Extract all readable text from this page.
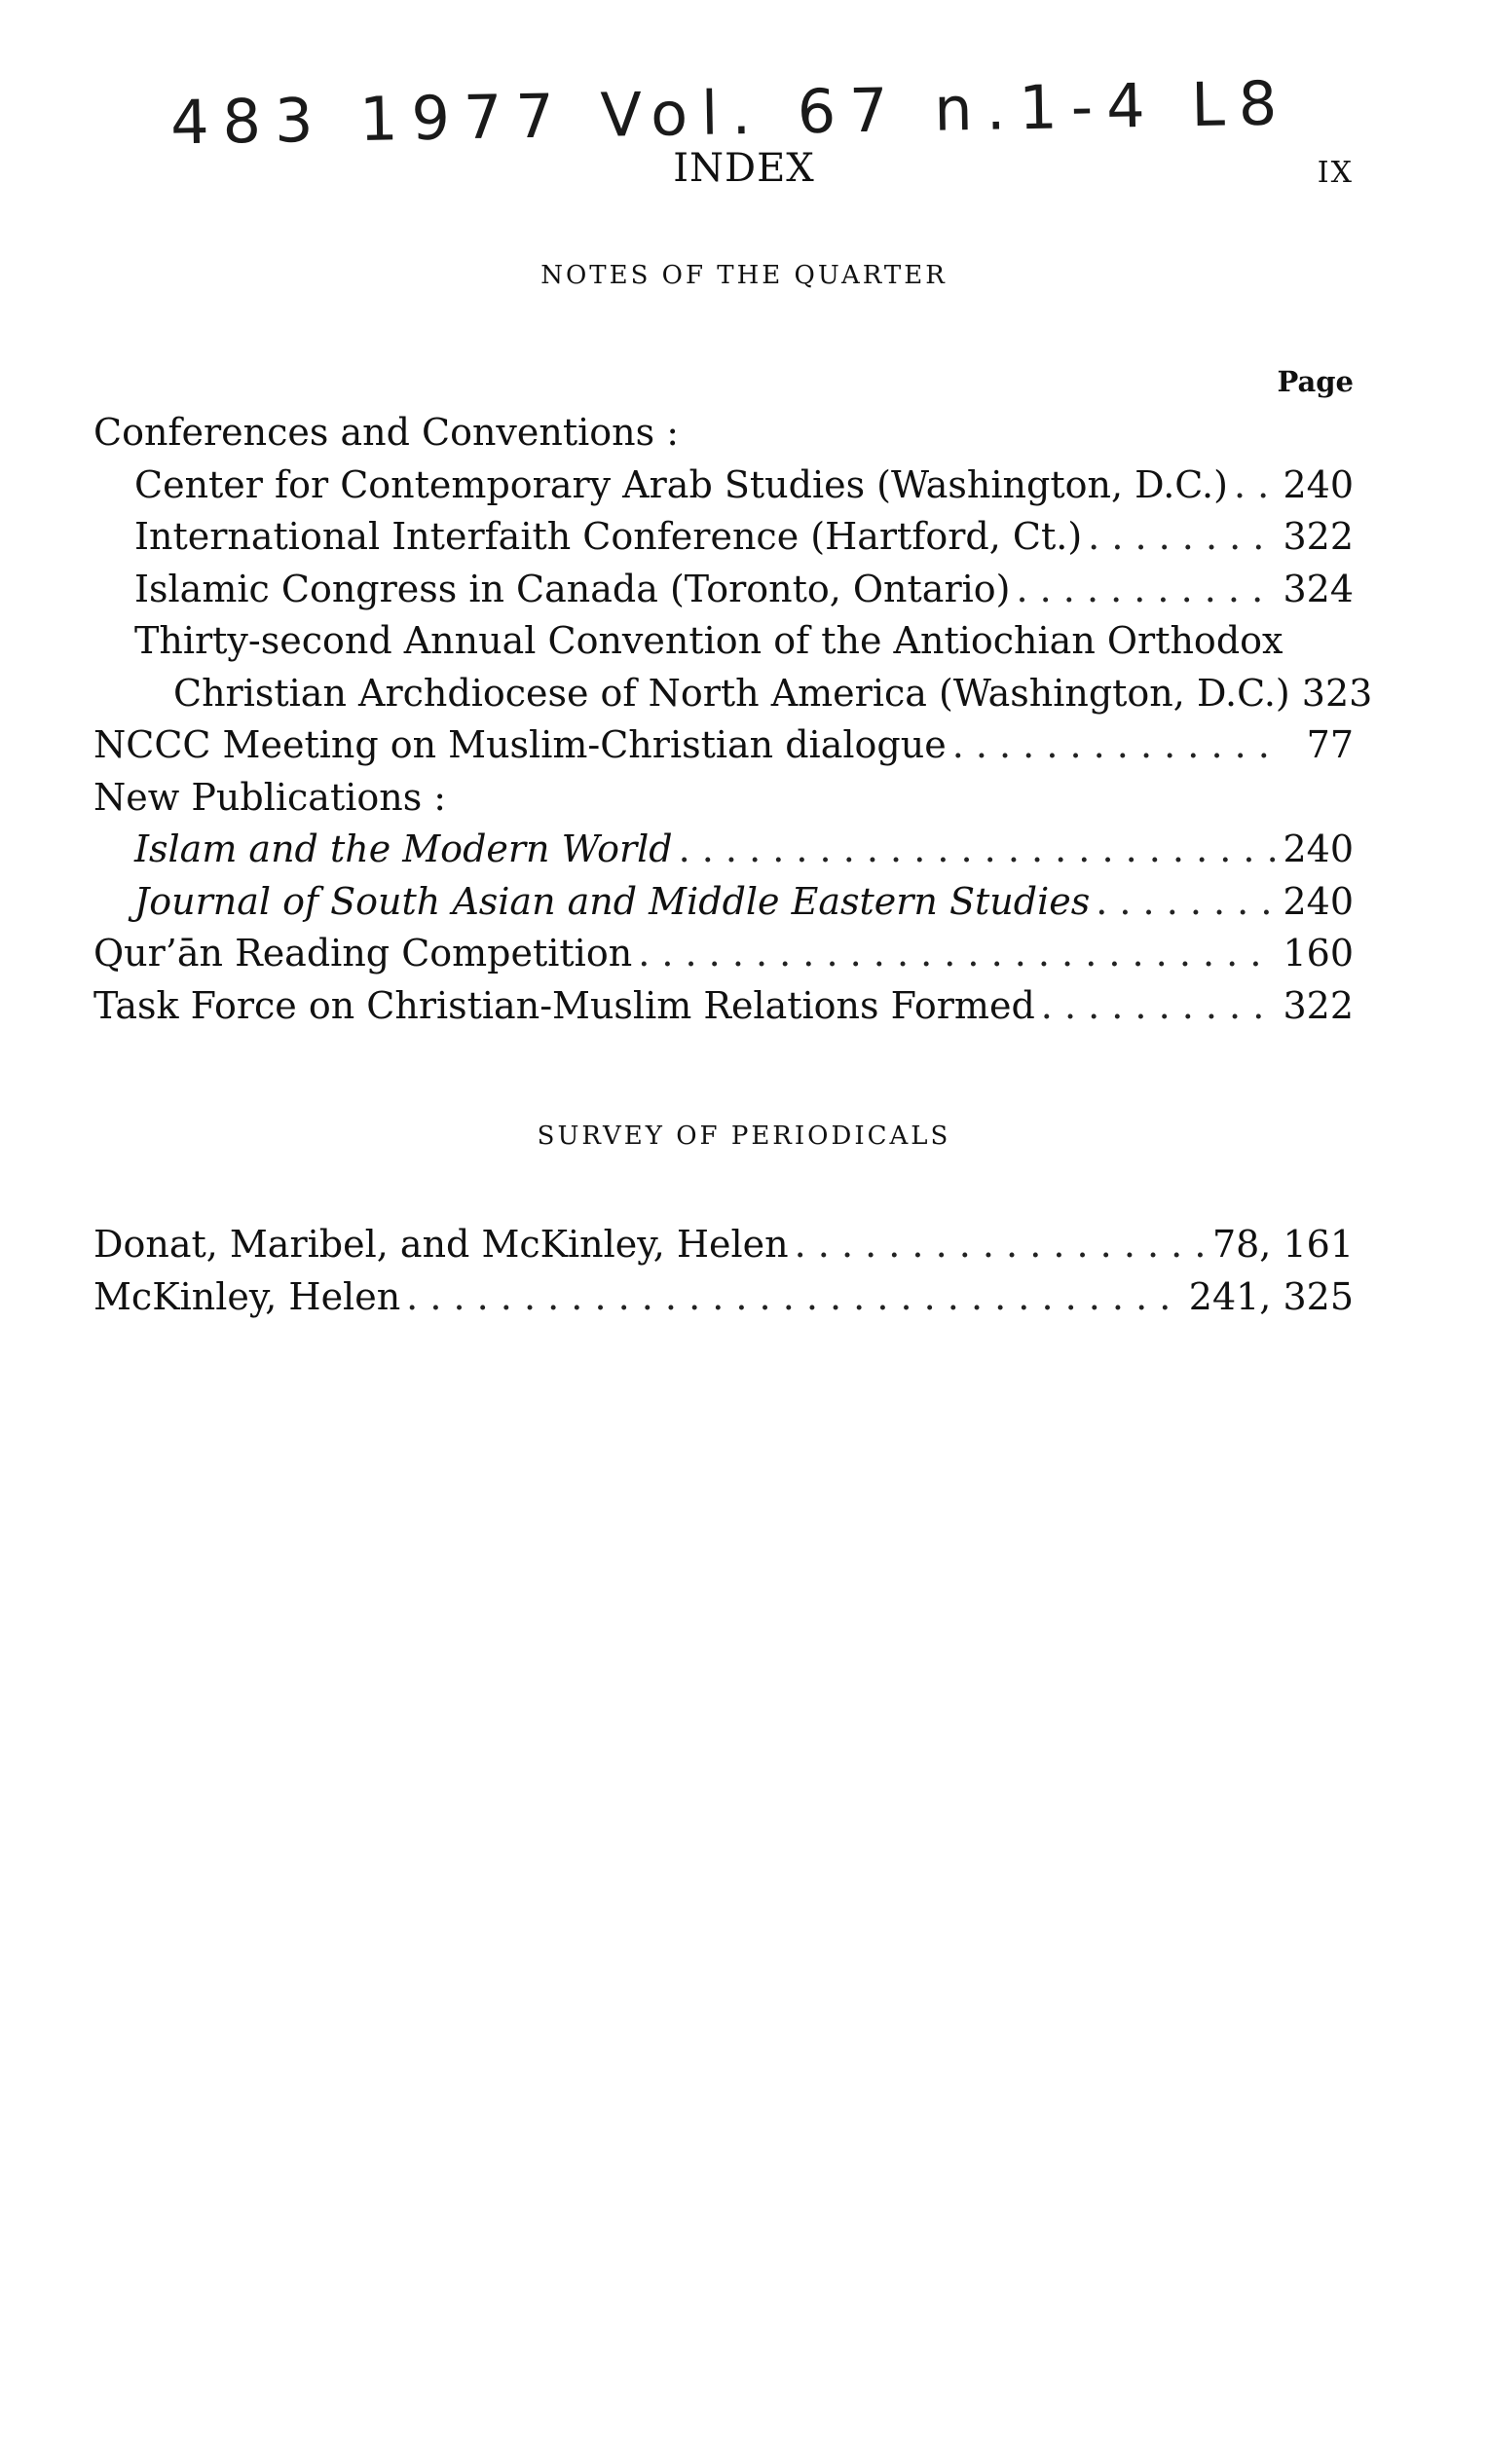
483 1977 Vol. 67 n.1-4 L8
INDEX	IX
NOTES OF THE QUARTER
Page
Conferences and Conventions :
Center for Contemporary Arab Studies (Washington, D.C.) . . 240
International Interfaith Conference (Hartford, Ct.) . .	322
Islamic Congress in Canada (Toronto, Ontario) . .	324
Thirty-second Annual Convention of the Antiochian Orthodox
Christian Archdiocese of North America (Washington, D.C.) 323
NCCC Meeting on Muslim-Christian dialogue . .	77
New Publications :
Islam and the Modern World . .	240
Journal of South Asian and Middle Eastern Studies . .	240
Qur’ān Reading Competition . .	160
Task Force on Christian-Muslim Relations Formed . .	322
SURVEY OF PERIODICALS
Donat, Maribel, and McKinley, Helen . .	78, 161
McKinley, Helen . .	241, 325
